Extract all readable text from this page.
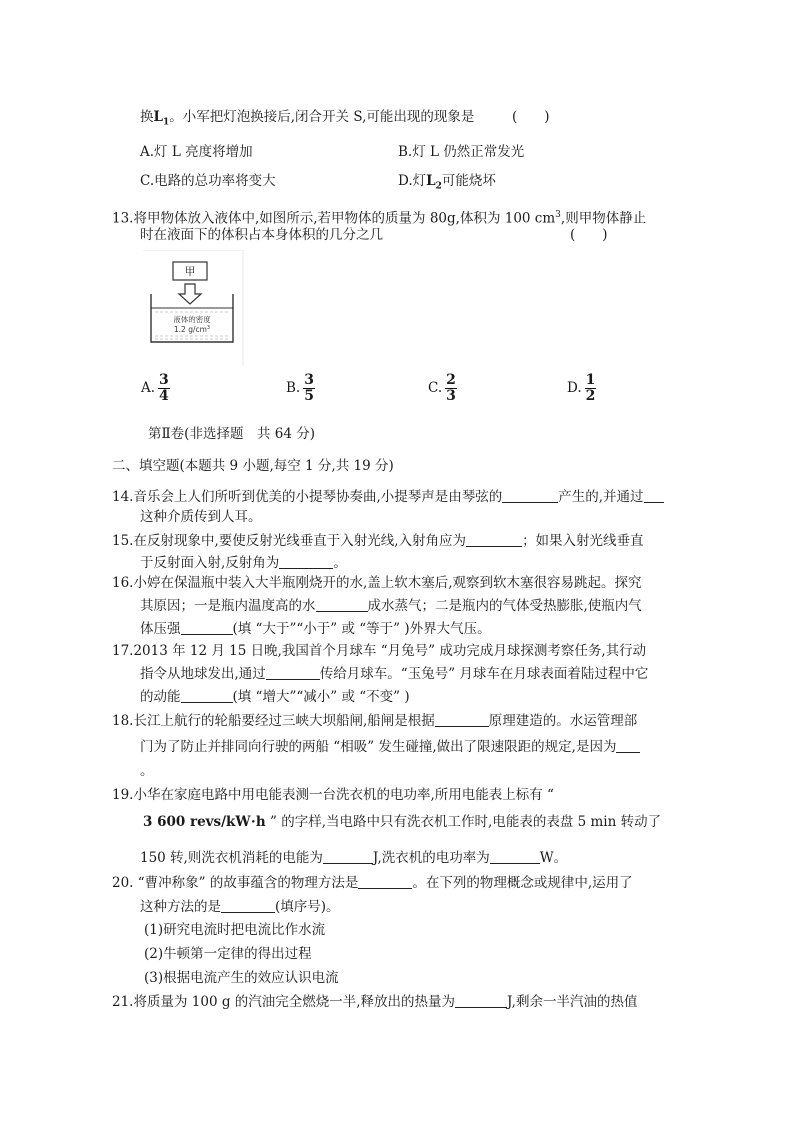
换$L_1$。小军把灯泡换接后,闭合开关 S,可能出现的现象是	(　　)
A.灯 L 亮度将增加	B.灯 L 仍然正常发光
C.电路的总功率将变大	D.灯$L_2$可能烧坏
13.将甲物体放入液体中,如图所示,若甲物体的质量为 80g,体积为 100 $cm^3$,则甲物体静止
时在液面下的体积占本身体积的几分之几	(　　)
甲
液体的密度
1.2 $g/cm^3$
A. $\frac{3}{4}$	B. $\frac{3}{5}$	C. $\frac{2}{3}$	D. $\frac{1}{2}$
第Ⅱ卷(非选择题　共 64 分)
二、填空题(本题共 9 小题,每空 1 分,共 19 分)
14.音乐会上人们所听到优美的小提琴协奏曲,小提琴声是由琴弦的	产生的,并通过
这种介质传到人耳。
15.在反射现象中,要使反射光线垂直于入射光线,入射角应为	；如果入射光线垂直
于反射面入射,反射角为	。
16.小婷在保温瓶中装入大半瓶刚烧开的水,盖上软木塞后,观察到软木塞很容易跳起。探究
其原因；一是瓶内温度高的水	成水蒸气；二是瓶内的气体受热膨胀,使瓶内气
体压强	(填 “大于”“小于” 或 “等于” )外界大气压。
17.2013 年 12 月 15 日晚,我国首个月球车 “月兔号” 成功完成月球探测考察任务,其行动
指令从地球发出,通过	传给月球车。“玉兔号” 月球车在月球表面着陆过程中它
的动能	(填 “增大”“减小” 或 “不变” )
18.长江上航行的轮船要经过三峡大坝船闸,船闸是根据	原理建造的。水运管理部
门为了防止并排同向行驶的两船 “相吸” 发生碰撞,做出了限速限距的规定,是因为
。
19.小华在家庭电路中用电能表测一台洗衣机的电功率,所用电能表上标有 “
3 600 revs/kW⋅h ” 的字样,当电路中只有洗衣机工作时,电能表的表盘 5 min 转动了
150 转,则洗衣机消耗的电能为	J,洗衣机的电功率为	W。
20. “曹冲称象” 的故事蕴含的物理方法是	。在下列的物理概念或规律中,运用了
这种方法的是	(填序号)。
(1)研究电流时把电流比作水流
(2)牛顿第一定律的得出过程
(3)根据电流产生的效应认识电流
21.将质量为 100 g 的汽油完全燃烧一半,释放出的热量为	J,剩余一半汽油的热值
